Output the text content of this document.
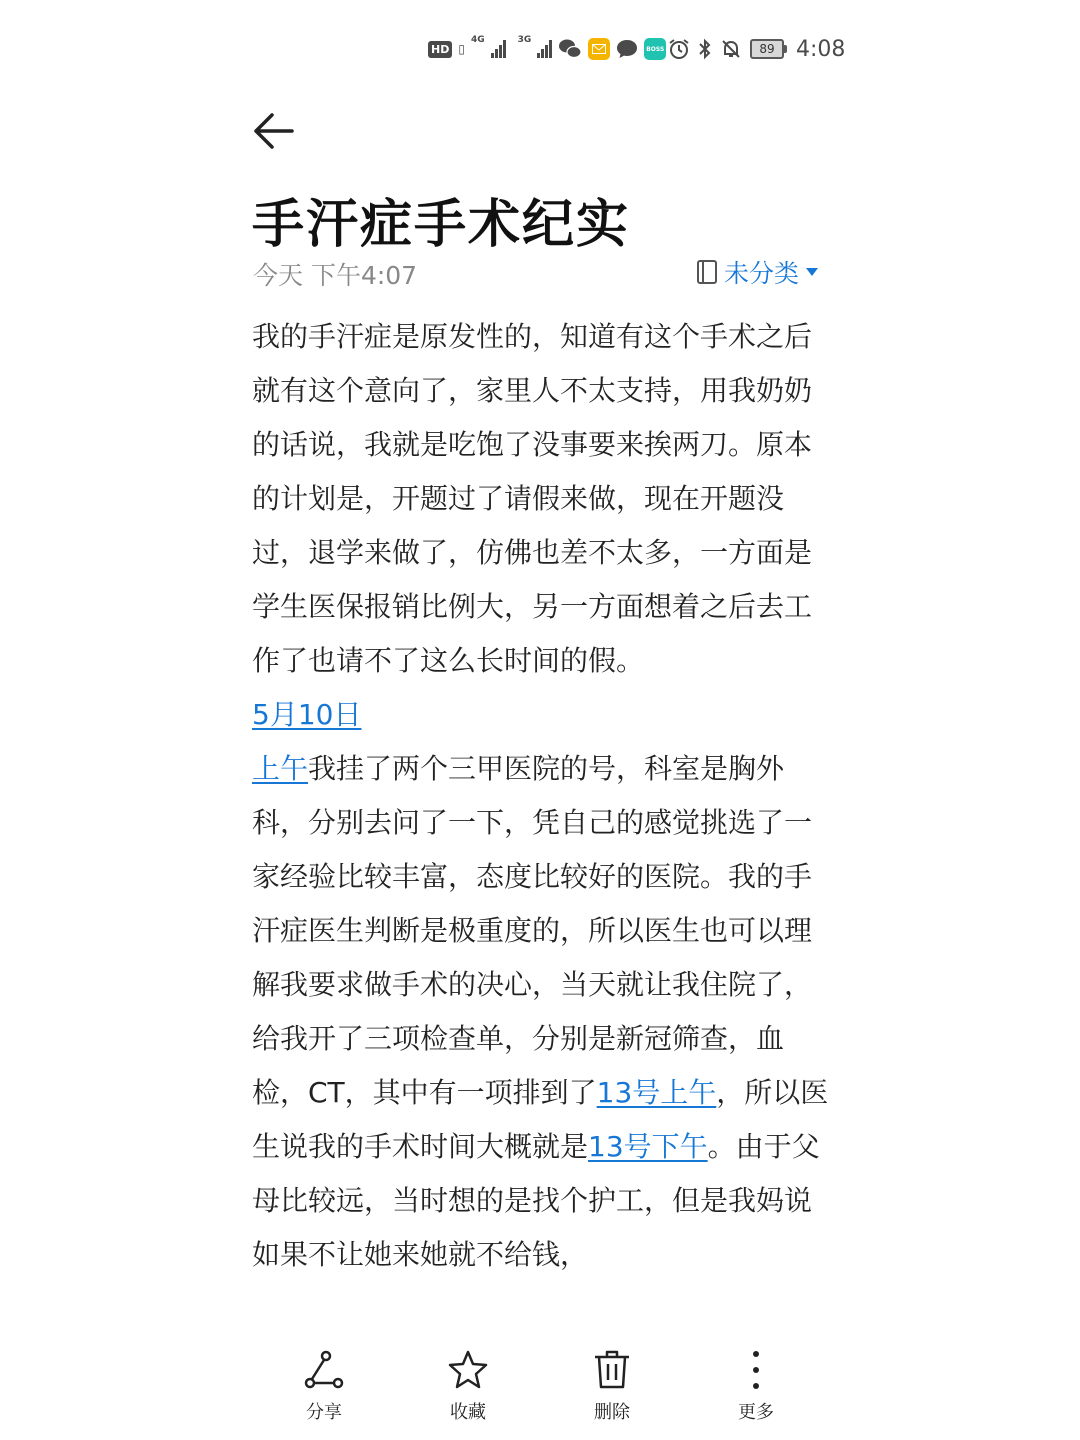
HD ▯
4G	3G
BOSS	89 4:08
手汗症手术纪实
今天 下午4:07	未分类

我的手汗症是原发性的，知道有这个手术之后就有这个意向了，家里人不太支持，用我奶奶的话说，我就是吃饱了没事要来挨两刀。原本的计划是，开题过了请假来做，现在开题没过，退学来做了，仿佛也差不太多，一方面是学生医保报销比例大，另一方面想着之后去工作了也请不了这么长时间的假。

5月10日

上午我挂了两个三甲医院的号，科室是胸外科，分别去问了一下，凭自己的感觉挑选了一家经验比较丰富，态度比较好的医院。我的手汗症医生判断是极重度的，所以医生也可以理解我要求做手术的决心，当天就让我住院了，给我开了三项检查单，分别是新冠筛查，血检，CT，其中有一项排到了13号上午，所以医生说我的手术时间大概就是13号下午。由于父母比较远，当时想的是找个护工，但是我妈说如果不让她来她就不给钱，

分享	收藏	删除	更多
